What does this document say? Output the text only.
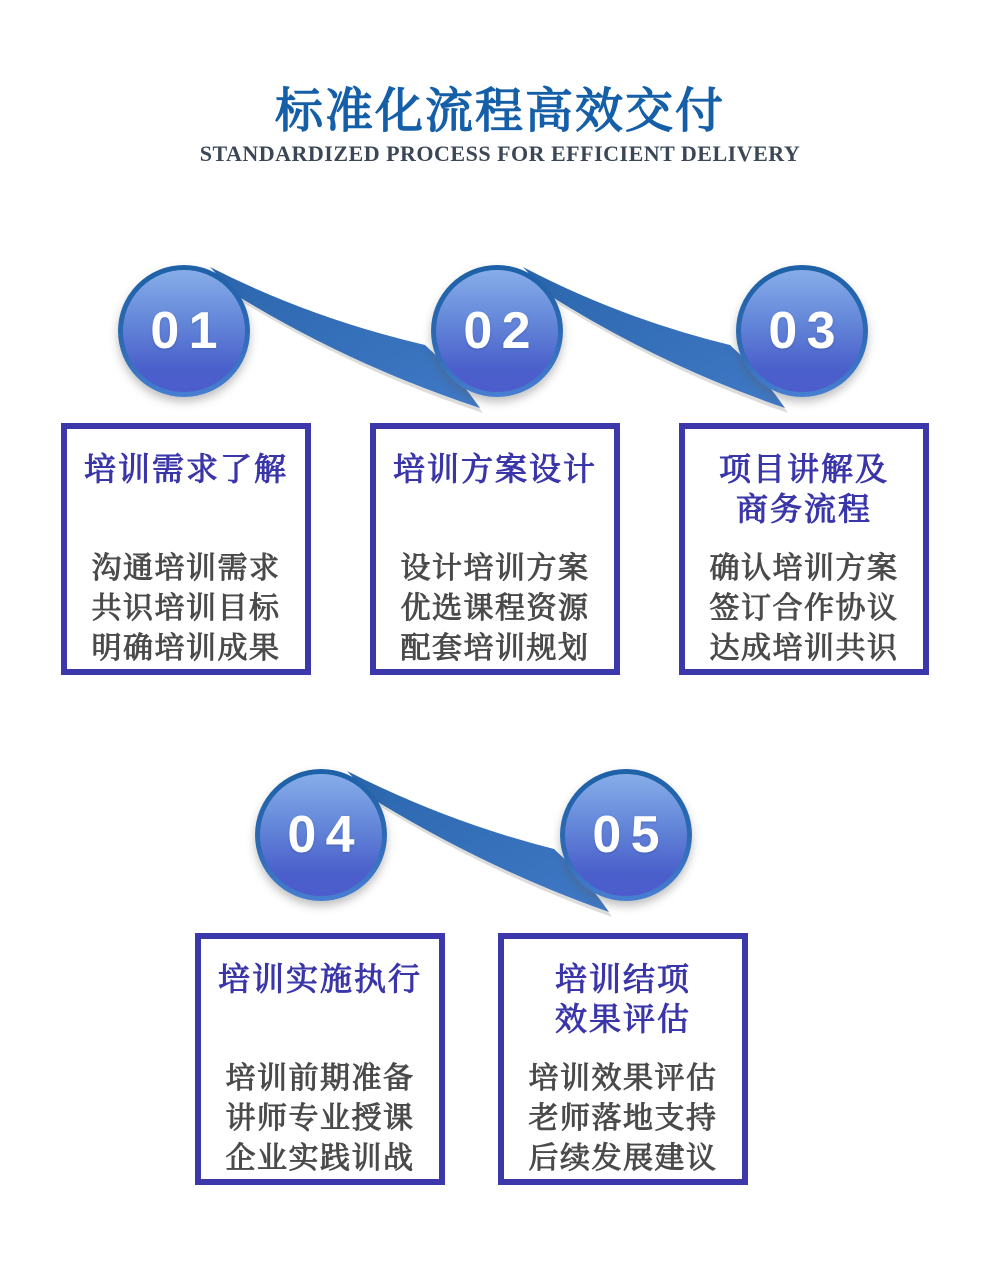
标准化流程高效交付
STANDARDIZED PROCESS FOR EFFICIENT DELIVERY
01	02	03
04	05
培训需求了解
沟通培训需求
共识培训目标
明确培训成果
培训方案设计
设计培训方案
优选课程资源
配套培训规划
项目讲解及
商务流程
确认培训方案
签订合作协议
达成培训共识
培训实施执行
培训前期准备
讲师专业授课
企业实践训战
培训结项
效果评估
培训效果评估
老师落地支持
后续发展建议
